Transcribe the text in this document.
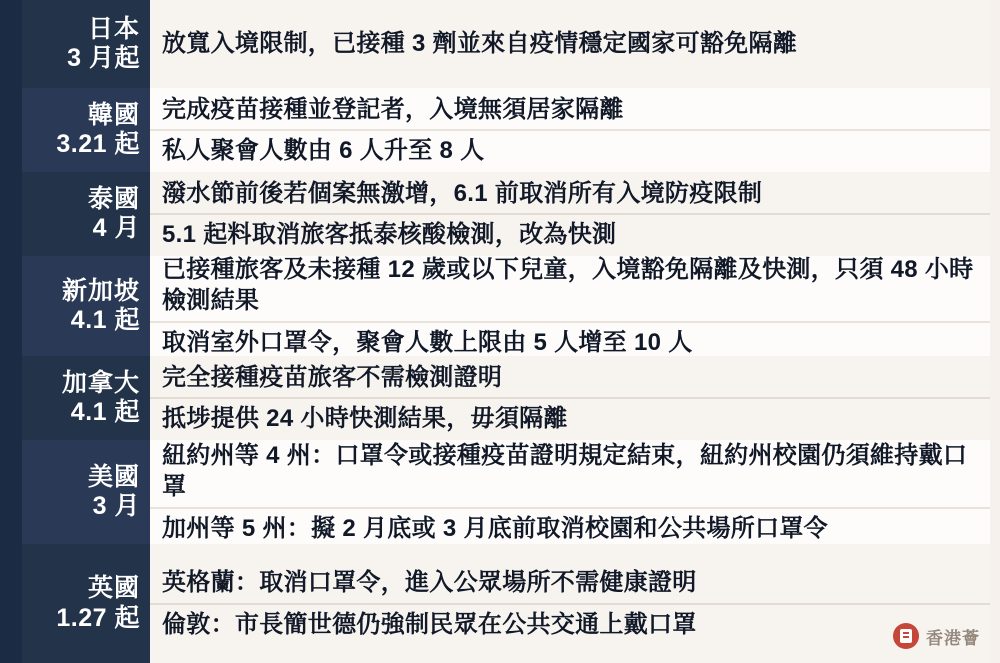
日本
3 月起
放寬入境限制，已接種 3 劑並來自疫情穩定國家可豁免隔離
韓國
3.21 起
完成疫苗接種並登記者，入境無須居家隔離
私人聚會人數由 6 人升至 8 人
泰國
4 月
潑水節前後若個案無激增，6.1 前取消所有入境防疫限制
5.1 起料取消旅客抵泰核酸檢測，改為快測
新加坡
4.1 起
已接種旅客及未接種 12 歲或以下兒童，入境豁免隔離及快測，只須 48 小時檢測結果
取消室外口罩令，聚會人數上限由 5 人增至 10 人
加拿大
4.1 起
完全接種疫苗旅客不需檢測證明
抵埗提供 24 小時快測結果，毋須隔離
美國
3 月
紐約州等 4 州：口罩令或接種疫苗證明規定結束，紐約州校園仍須維持戴口罩
加州等 5 州：擬 2 月底或 3 月底前取消校園和公共場所口罩令
英國
1.27 起
英格蘭：取消口罩令，進入公眾場所不需健康證明
倫敦：市長簡世德仍強制民眾在公共交通上戴口罩
香港薈
